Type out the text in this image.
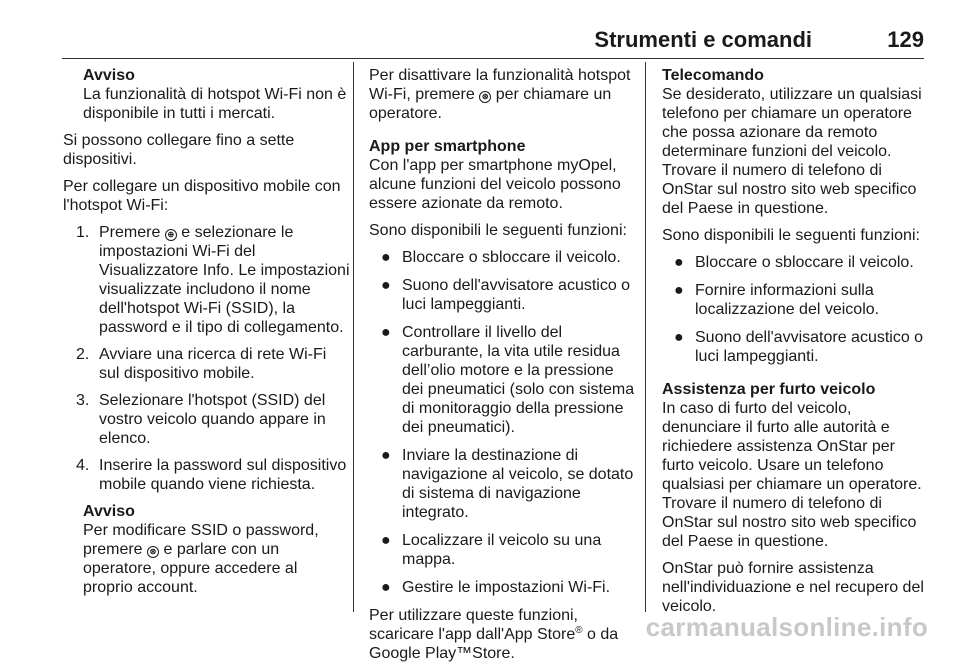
Strumenti e comandi	129
Avviso
La funzionalità di hotspot Wi-Fi non è disponibile in tutti i mercati.

Si possono collegare fino a sette dispositivi.

Per collegare un dispositivo mobile con l'hotspot Wi-Fi:

1. Premere ⊕ e selezionare le impostazioni Wi-Fi del Visualizzatore Info. Le impostazioni visualizzate includono il nome dell'hotspot Wi-Fi (SSID), la password e il tipo di collegamento.
2. Avviare una ricerca di rete Wi-Fi sul dispositivo mobile.
3. Selezionare l'hotspot (SSID) del vostro veicolo quando appare in elenco.
4. Inserire la password sul dispositivo mobile quando viene richiesta.
Avviso
Per modificare SSID o password, premere ⊛ e parlare con un operatore, oppure accedere al proprio account.

Per disattivare la funzionalità hotspot Wi-Fi, premere ⊛ per chiamare un operatore.

App per smartphone

Con l'app per smartphone myOpel, alcune funzioni del veicolo possono essere azionate da remoto.

Sono disponibili le seguenti funzioni:

● Bloccare o sbloccare il veicolo.
● Suono dell'avvisatore acustico o luci lampeggianti.
● Controllare il livello del carburante, la vita utile residua dell’olio motore e la pressione dei pneumatici (solo con sistema di monitoraggio della pressione dei pneumatici).
● Inviare la destinazione di navigazione al veicolo, se dotato di sistema di navigazione integrato.
● Localizzare il veicolo su una mappa.
● Gestire le impostazioni Wi-Fi.

Per utilizzare queste funzioni, scaricare l'app dall'App Store® o da Google Play™Store.

Telecomando

Se desiderato, utilizzare un qualsiasi telefono per chiamare un operatore che possa azionare da remoto determinare funzioni del veicolo. Trovare il numero di telefono di OnStar sul nostro sito web specifico del Paese in questione.

Sono disponibili le seguenti funzioni:

● Bloccare o sbloccare il veicolo.
● Fornire informazioni sulla localizzazione del veicolo.
● Suono dell'avvisatore acustico o luci lampeggianti.
Assistenza per furto veicolo

In caso di furto del veicolo, denunciare il furto alle autorità e richiedere assistenza OnStar per furto veicolo. Usare un telefono qualsiasi per chiamare un operatore. Trovare il numero di telefono di OnStar sul nostro sito web specifico del Paese in questione.

OnStar può fornire assistenza nell'individuazione e nel recupero del veicolo.

carmanualsonline.info
